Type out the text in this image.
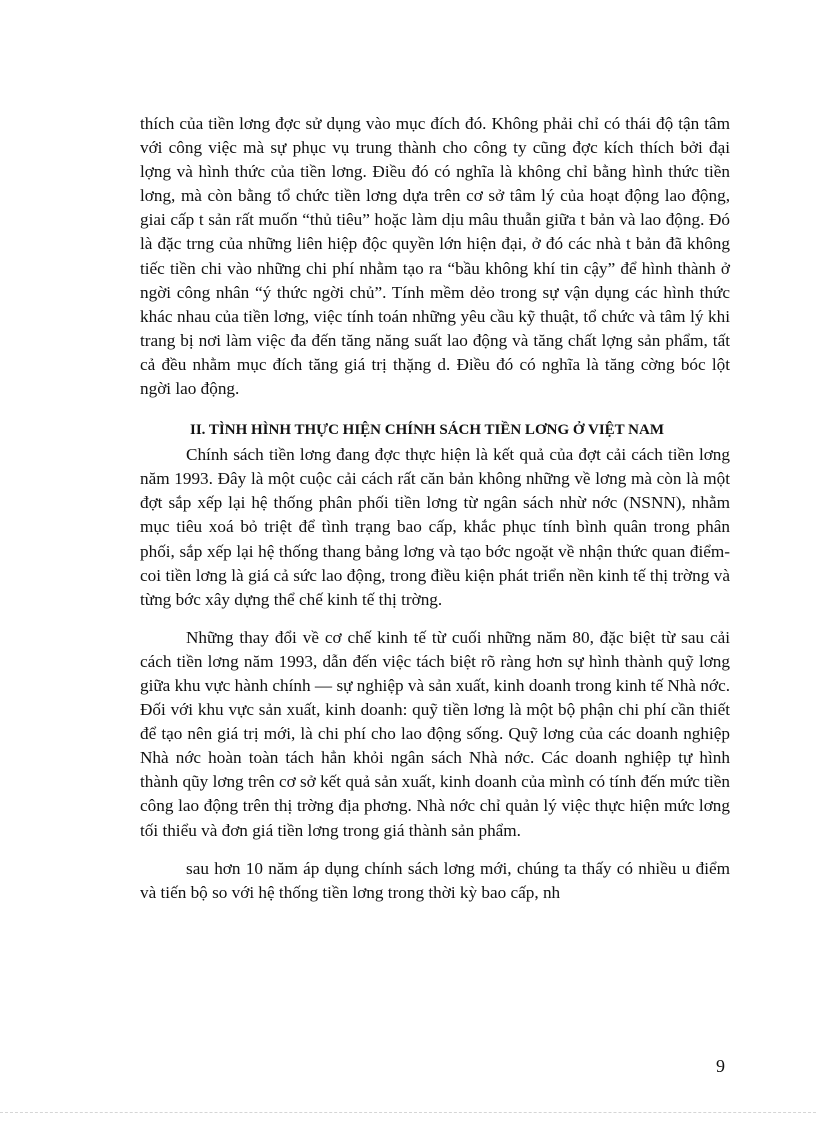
thích của tiền lơng đợc sử dụng vào mục đích đó. Không phải chỉ có thái độ tận tâm với công việc mà sự phục vụ trung thành cho công ty cũng đợc kích thích bởi đại lợng và hình thức của tiền lơng. Điều đó có nghĩa là không chỉ bằng hình thức tiền lơng, mà còn bằng tổ chức tiền lơng dựa trên cơ sở tâm lý của hoạt động lao động, giai cấp t sản rất muốn “thủ tiêu” hoặc làm dịu mâu thuẫn giữa t bản và lao động. Đó là đặc trng của những liên hiệp độc quyền lớn hiện đại, ở đó các nhà t bản đã không tiếc tiền chi vào những chi phí nhằm tạo ra “bầu không khí tin cậy” để hình thành ở ngời công nhân “ý thức ngời chủ”. Tính mềm dẻo trong sự vận dụng các hình thức khác nhau của tiền lơng, việc tính toán những yêu cầu kỹ thuật, tổ chức và tâm lý khi trang bị nơi làm việc đa đến tăng năng suất lao động và tăng chất lợng sản phẩm, tất cả đều nhằm mục đích tăng giá trị thặng d. Điều đó có nghĩa là tăng cờng bóc lột ngời lao động.

II. TÌNH HÌNH THỰC HIỆN CHÍNH SÁCH TIỀN LƠNG Ở VIỆT NAM

Chính sách tiền lơng đang đợc thực hiện là kết quả của đợt cải cách tiền lơng năm 1993. Đây là một cuộc cải cách rất căn bản không những về lơng mà còn là một đợt sắp xếp lại hệ thống phân phối tiền lơng từ ngân sách nhừ nớc (NSNN), nhằm mục tiêu xoá bỏ triệt để tình trạng bao cấp, khắc phục tính bình quân trong phân phối, sắp xếp lại hệ thống thang bảng lơng và tạo bớc ngoặt về nhận thức quan điểm- coi tiền lơng là giá cả sức lao động, trong điều kiện phát triển nền kinh tế thị trờng và từng bớc xây dựng thể chế kinh tế thị trờng.

Những thay đổi về cơ chế kinh tế từ cuối những năm 80, đặc biệt từ sau cải cách tiền lơng năm 1993, dẫn đến việc tách biệt rõ ràng hơn sự hình thành quỹ lơng giữa khu vực hành chính — sự nghiệp và sản xuất, kinh doanh trong kinh tế Nhà nớc. Đối với khu vực sản xuất, kinh doanh: quỹ tiền lơng là một bộ phận chi phí cần thiết để tạo nên giá trị mới, là chi phí cho lao động sống. Quỹ lơng của các doanh nghiệp Nhà nớc hoàn toàn tách hẳn khỏi ngân sách Nhà nớc. Các doanh nghiệp tự hình thành qũy lơng trên cơ sở kết quả sản xuất, kinh doanh của mình có tính đến mức tiền công lao động trên thị trờng địa phơng. Nhà nớc chỉ quản lý việc thực hiện mức lơng tối thiểu và đơn giá tiền lơng trong giá thành sản phẩm.

sau hơn 10 năm áp dụng chính sách lơng mới, chúng ta thấy có nhiều u điểm và tiến bộ so với hệ thống tiền lơng trong thời kỳ bao cấp, nh

9
